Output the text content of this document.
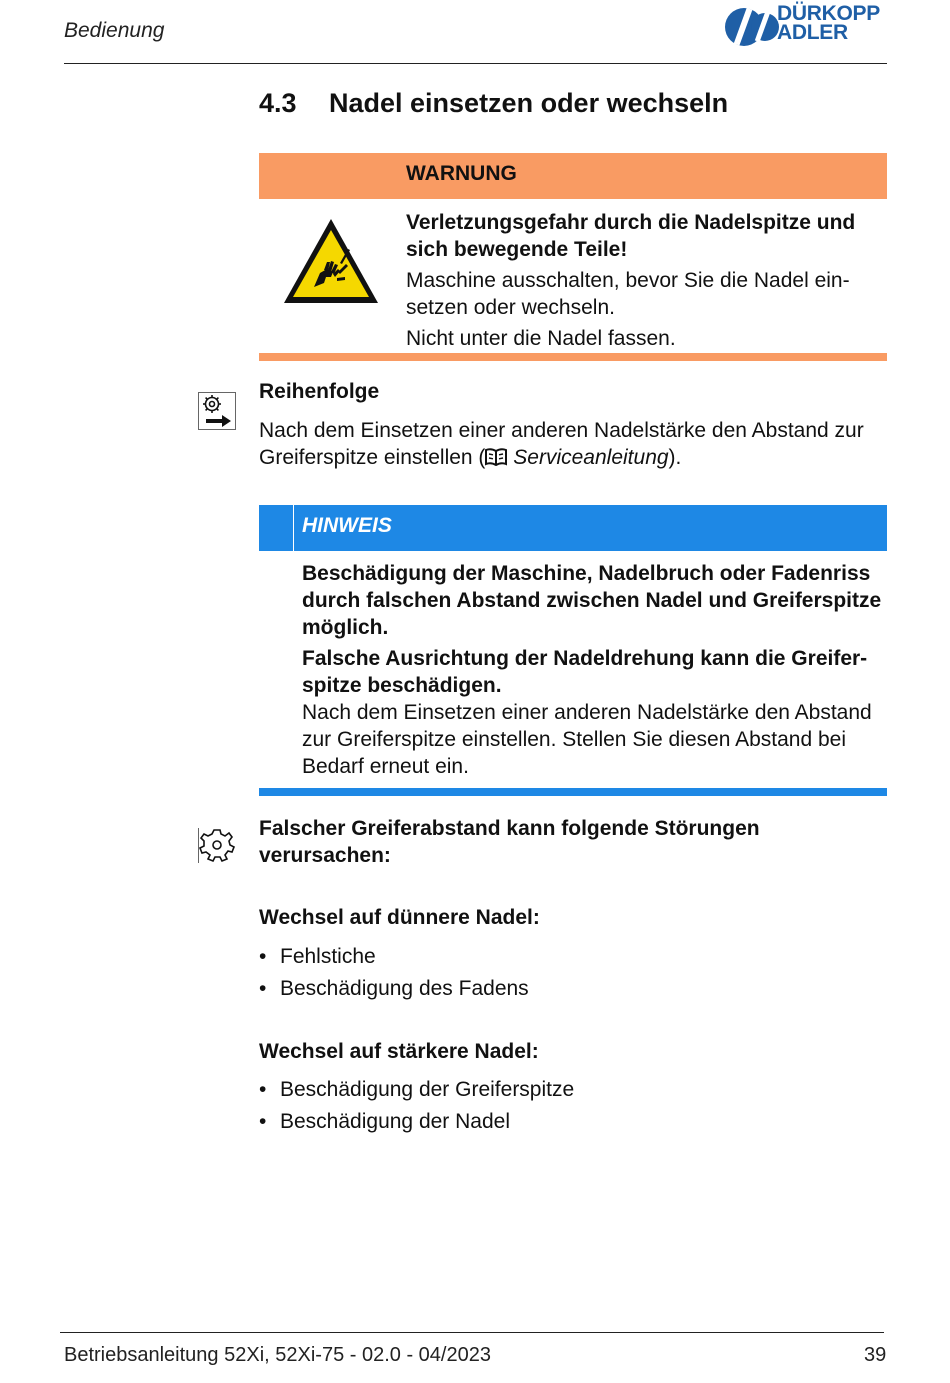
Bedienung
DÜRKOPP
ADLER
4.3 Nadel einsetzen oder wechseln
WARNUNG

Verletzungsgefahr durch die Nadelspitze und sich bewegende Teile!

Maschine ausschalten, bevor Sie die Nadel ein-setzen oder wechseln.

Nicht unter die Nadel fassen.

Reihenfolge
Nach dem Einsetzen einer anderen Nadelstärke den Abstand zur Greiferspitze einstellen ( Serviceanleitung).
HINWEIS

Beschädigung der Maschine, Nadelbruch oder Fadenriss durch falschen Abstand zwischen Nadel und Greiferspitze möglich.

Falsche Ausrichtung der Nadeldrehung kann die Greifer-spitze beschädigen.

Nach dem Einsetzen einer anderen Nadelstärke den Abstand zur Greiferspitze einstellen. Stellen Sie diesen Abstand bei Bedarf erneut ein.

Falscher Greiferabstand kann folgende Störungen verursachen:
Wechsel auf dünnere Nadel:
• Fehlstiche
• Beschädigung des Fadens
Wechsel auf stärkere Nadel:
• Beschädigung der Greiferspitze
• Beschädigung der Nadel
Betriebsanleitung 52Xi, 52Xi-75 - 02.0 - 04/2023	39
